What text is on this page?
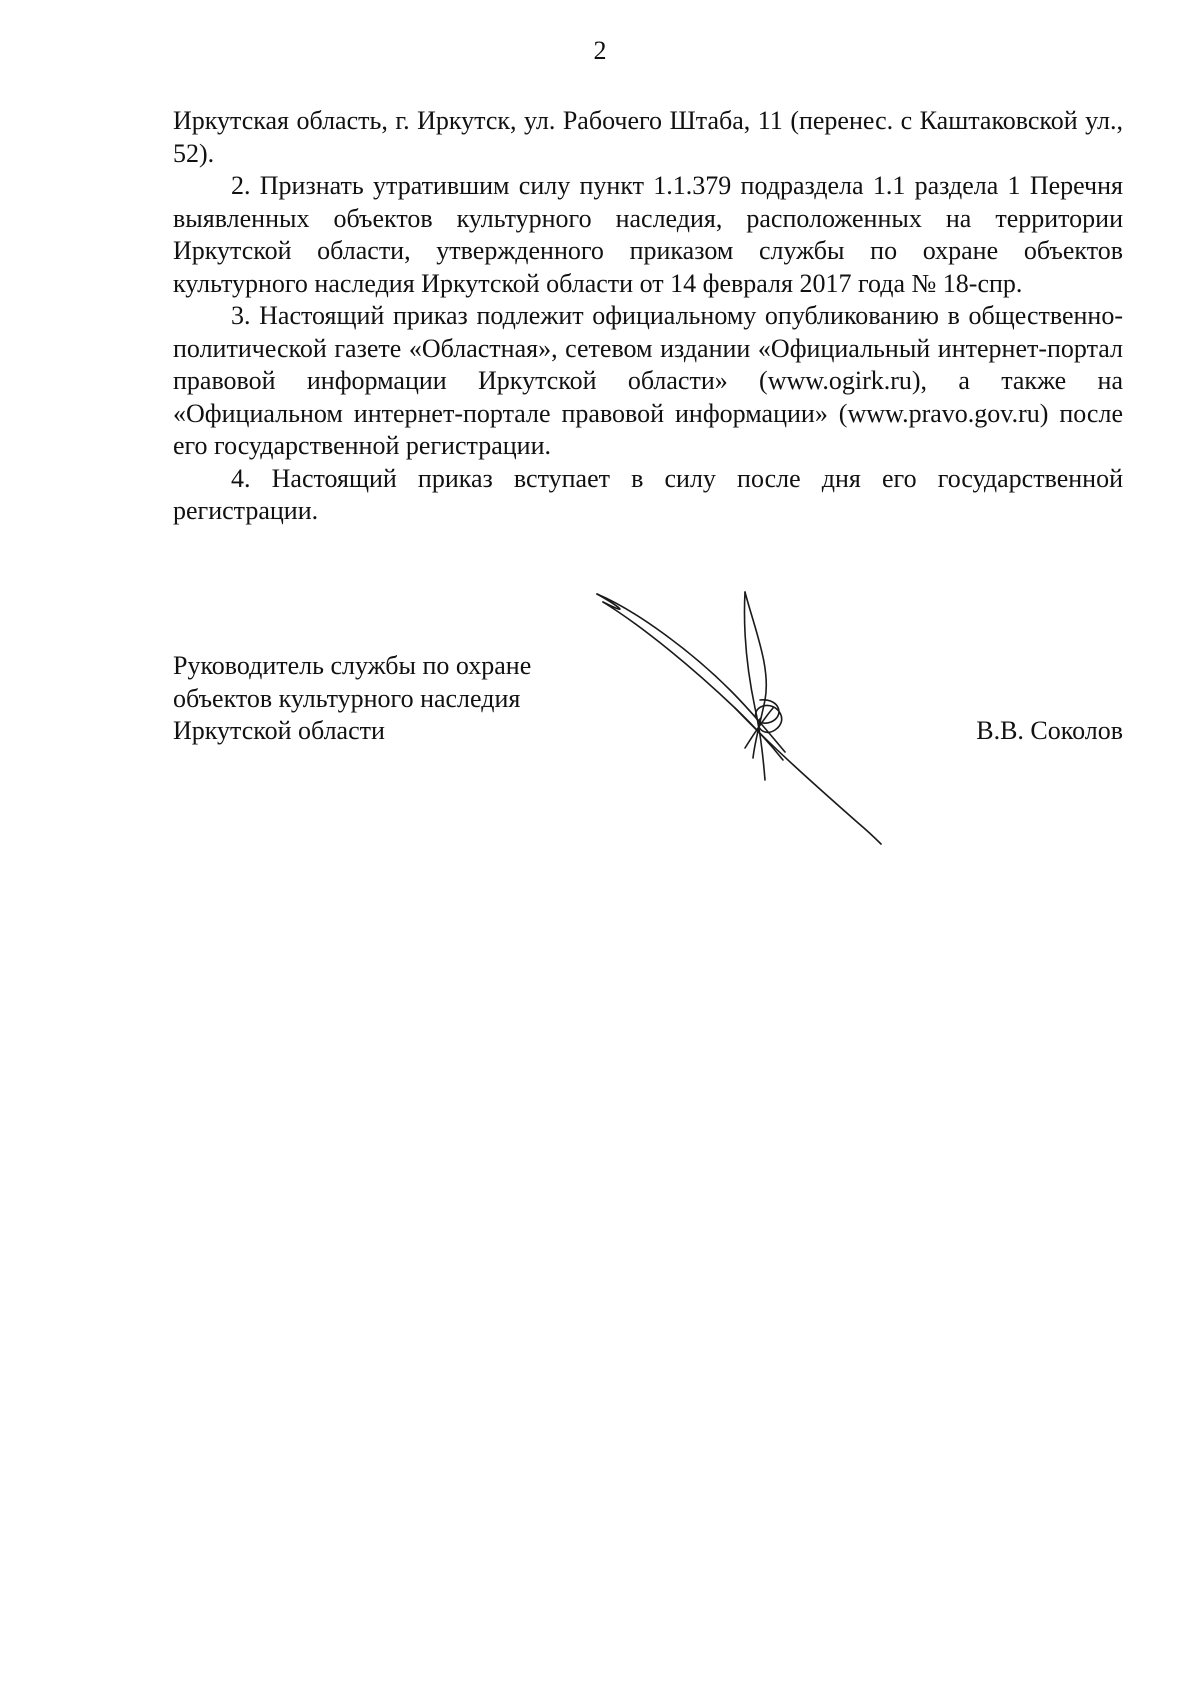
2

Иркутская область, г. Иркутск, ул. Рабочего Штаба, 11 (перенес. с Каштаковской ул., 52).

2. Признать утратившим силу пункт 1.1.379 подраздела 1.1 раздела 1 Перечня выявленных объектов культурного наследия, расположенных на территории Иркутской области, утвержденного приказом службы по охране объектов культурного наследия Иркутской области от 14 февраля 2017 года № 18-спр.

3. Настоящий приказ подлежит официальному опубликованию в общественно-политической газете «Областная», сетевом издании «Официальный интернет-портал правовой информации Иркутской области» (www.ogirk.ru), а также на «Официальном интернет-портале правовой информации» (www.pravo.gov.ru) после его государственной регистрации.

4. Настоящий приказ вступает в силу после дня его государственной регистрации.

Руководитель службы по охране
объектов культурного наследия
Иркутской области	В.В. Соколов
